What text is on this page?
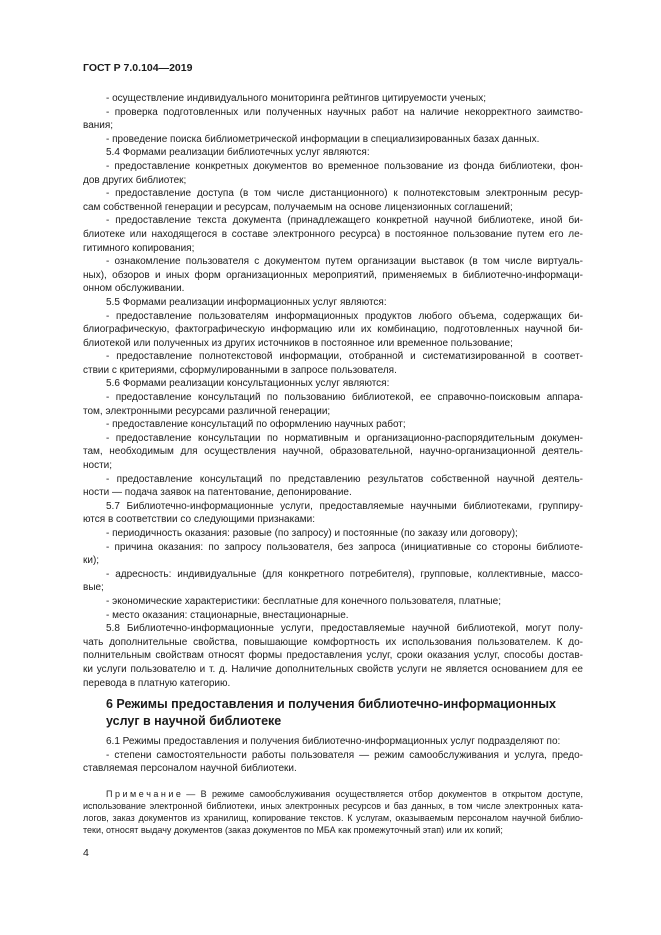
ГОСТ Р 7.0.104—2019
- осуществление индивидуального мониторинга рейтингов цитируемости ученых;
- проверка подготовленных или полученных научных работ на наличие некорректного заимство-
вания;
- проведение поиска библиометрической информации в специализированных базах данных.
5.4 Формами реализации библиотечных услуг являются:
- предоставление конкретных документов во временное пользование из фонда библиотеки, фон-
дов других библиотек;
- предоставление доступа (в том числе дистанционного) к полнотекстовым электронным ресур-
сам собственной генерации и ресурсам, получаемым на основе лицензионных соглашений;
- предоставление текста документа (принадлежащего конкретной научной библиотеке, иной би-
блиотеке или находящегося в составе электронного ресурса) в постоянное пользование путем его ле-
гитимного копирования;
- ознакомление пользователя с документом путем организации выставок (в том числе виртуаль-
ных), обзоров и иных форм организационных мероприятий, применяемых в библиотечно-информаци-
онном обслуживании.
5.5 Формами реализации информационных услуг являются:
- предоставление пользователям информационных продуктов любого объема, содержащих би-
блиографическую, фактографическую информацию или их комбинацию, подготовленных научной би-
блиотекой или полученных из других источников в постоянное или временное пользование;
- предоставление полнотекстовой информации, отобранной и систематизированной в соответ-
ствии с критериями, сформулированными в запросе пользователя.
5.6 Формами реализации консультационных услуг являются:
- предоставление консультаций по пользованию библиотекой, ее справочно-поисковым аппара-
том, электронными ресурсами различной генерации;
- предоставление консультаций по оформлению научных работ;
- предоставление консультации по нормативным и организационно-распорядительным докумен-
там, необходимым для осуществления научной, образовательной, научно-организационной деятель-
ности;
- предоставление консультаций по представлению результатов собственной научной деятель-
ности — подача заявок на патентование, депонирование.
5.7 Библиотечно-информационные услуги, предоставляемые научными библиотеками, группиру-
ются в соответствии со следующими признаками:
- периодичность оказания: разовые (по запросу) и постоянные (по заказу или договору);
- причина оказания: по запросу пользователя, без запроса (инициативные со стороны библиоте-
ки);
- адресность: индивидуальные (для конкретного потребителя), групповые, коллективные, массо-
вые;
- экономические характеристики: бесплатные для конечного пользователя, платные;
- место оказания: стационарные, внестационарные.
5.8 Библиотечно-информационные услуги, предоставляемые научной библиотекой, могут полу-
чать дополнительные свойства, повышающие комфортность их использования пользователем. К до-
полнительным свойствам относят формы предоставления услуг, сроки оказания услуг, способы достав-
ки услуги пользователю и т. д. Наличие дополнительных свойств услуги не является основанием для ее
перевода в платную категорию.
6 Режимы предоставления и получения библиотечно-информационных
услуг в научной библиотеке
6.1 Режимы предоставления и получения библиотечно-информационных услуг подразделяют по:
- степени самостоятельности работы пользователя — режим самообслуживания и услуга, предо-
ставляемая персоналом научной библиотеки.
П р и м е ч а н и е — В режиме самообслуживания осуществляется отбор документов в открытом доступе,
использование электронной библиотеки, иных электронных ресурсов и баз данных, в том числе электронных ката-
логов, заказ документов из хранилищ, копирование текстов. К услугам, оказываемым персоналом научной библио-
теки, относят выдачу документов (заказ документов по МБА как промежуточный этап) или их копий;
4
